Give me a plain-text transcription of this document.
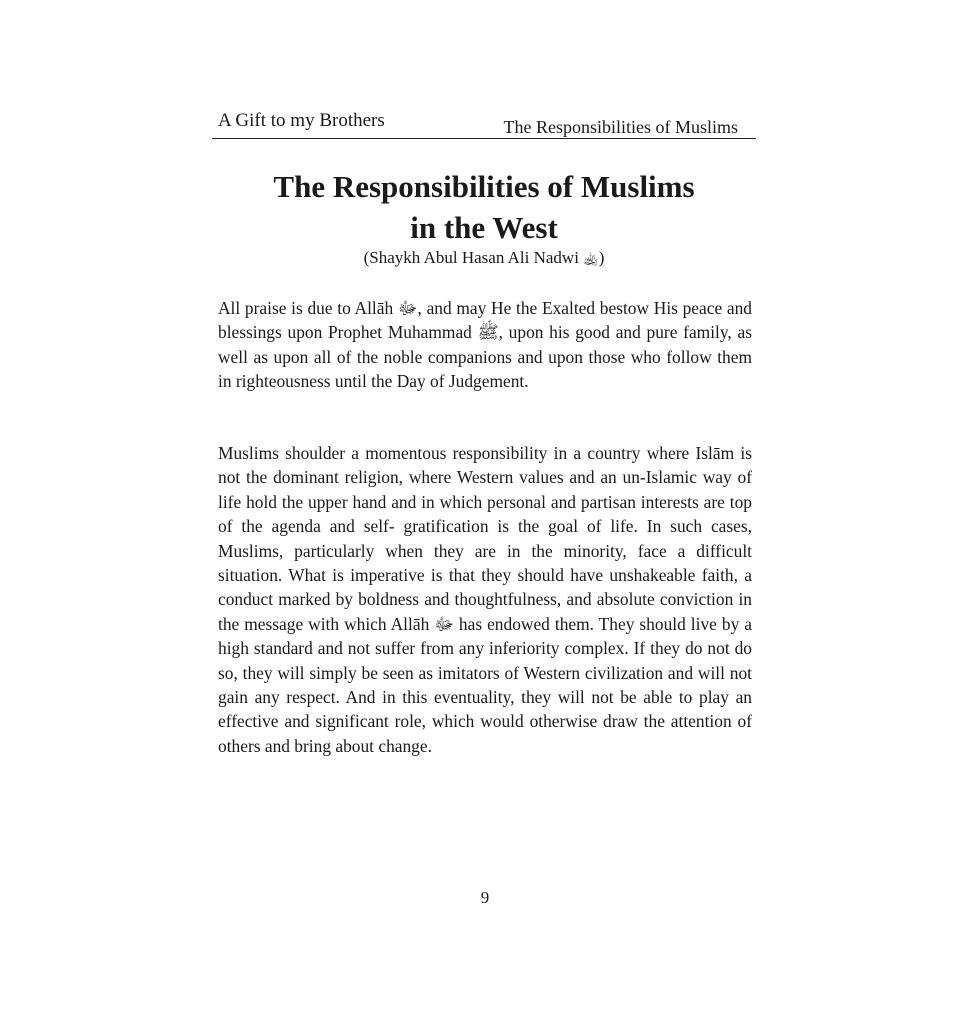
A Gift to my Brothers	The Responsibilities of Muslims
The Responsibilities of Muslims
in the West
(Shaykh Abul Hasan Ali Nadwi ﵀)

All praise is due to Allāh ﷻ, and may He the Exalted bestow His peace and blessings upon Prophet Muhammad ﷺ, upon his good and pure family, as well as upon all of the noble companions and upon those who follow them in righteousness until the Day of Judgement.

Muslims shoulder a momentous responsibility in a country where Islām is not the dominant religion, where Western values and an un-Islamic way of life hold the upper hand and in which personal and partisan interests are top of the agenda and self- gratification is the goal of life. In such cases, Muslims, particularly when they are in the minority, face a difficult situation. What is imperative is that they should have unshakeable faith, a conduct marked by boldness and thoughtfulness, and absolute conviction in the message with which Allāh ﷻ has endowed them. They should live by a high standard and not suffer from any inferiority complex. If they do not do so, they will simply be seen as imitators of Western civilization and will not gain any respect. And in this eventuality, they will not be able to play an effective and significant role, which would otherwise draw the attention of others and bring about change.

9
